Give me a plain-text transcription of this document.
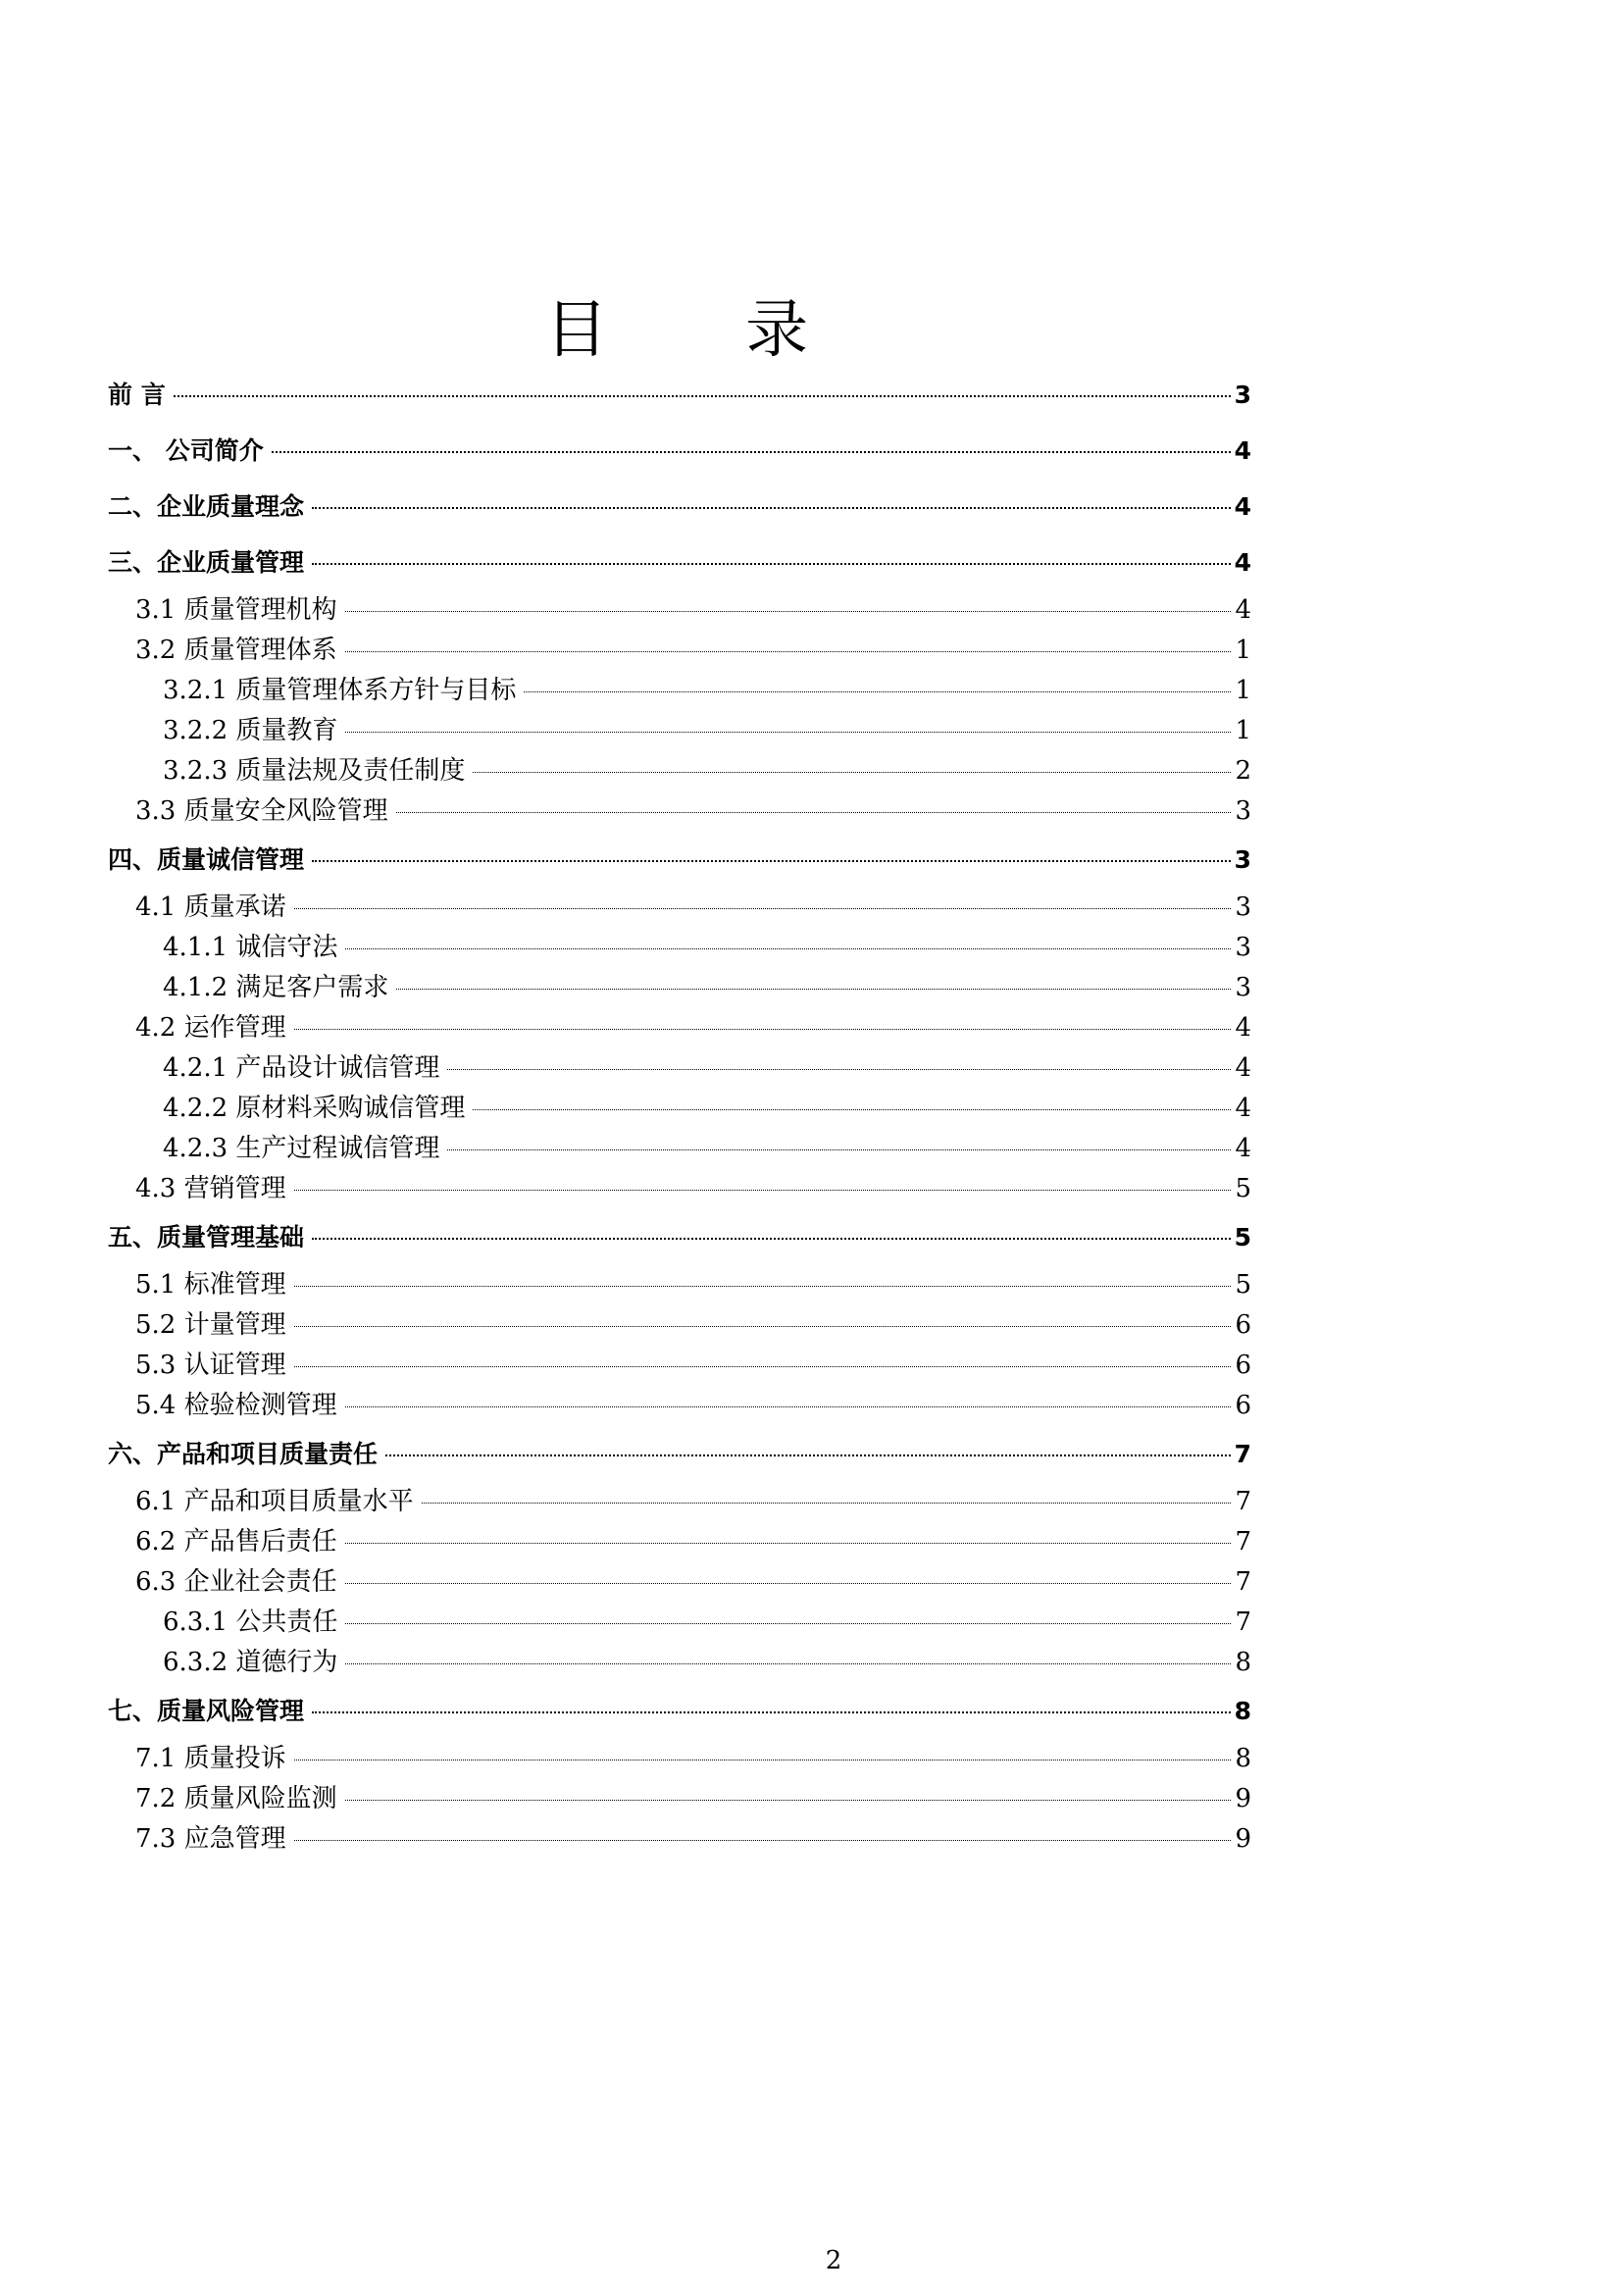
目 录
前 言	3
一、 公司简介	4
二、企业质量理念	4
三、企业质量管理	4
3.1 质量管理机构	4
3.2 质量管理体系	1
3.2.1 质量管理体系方针与目标	1
3.2.2 质量教育	1
3.2.3 质量法规及责任制度	2
3.3 质量安全风险管理	3
四、质量诚信管理	3
4.1 质量承诺	3
4.1.1 诚信守法	3
4.1.2 满足客户需求	3
4.2 运作管理	4
4.2.1 产品设计诚信管理	4
4.2.2 原材料采购诚信管理	4
4.2.3 生产过程诚信管理	4
4.3 营销管理	5
五、质量管理基础	5
5.1 标准管理	5
5.2 计量管理	6
5.3 认证管理	6
5.4 检验检测管理	6
六、产品和项目质量责任	7
6.1 产品和项目质量水平	7
6.2 产品售后责任	7
6.3 企业社会责任	7
6.3.1 公共责任	7
6.3.2 道德行为	8
七、质量风险管理	8
7.1 质量投诉	8
7.2 质量风险监测	9
7.3 应急管理	9
2
